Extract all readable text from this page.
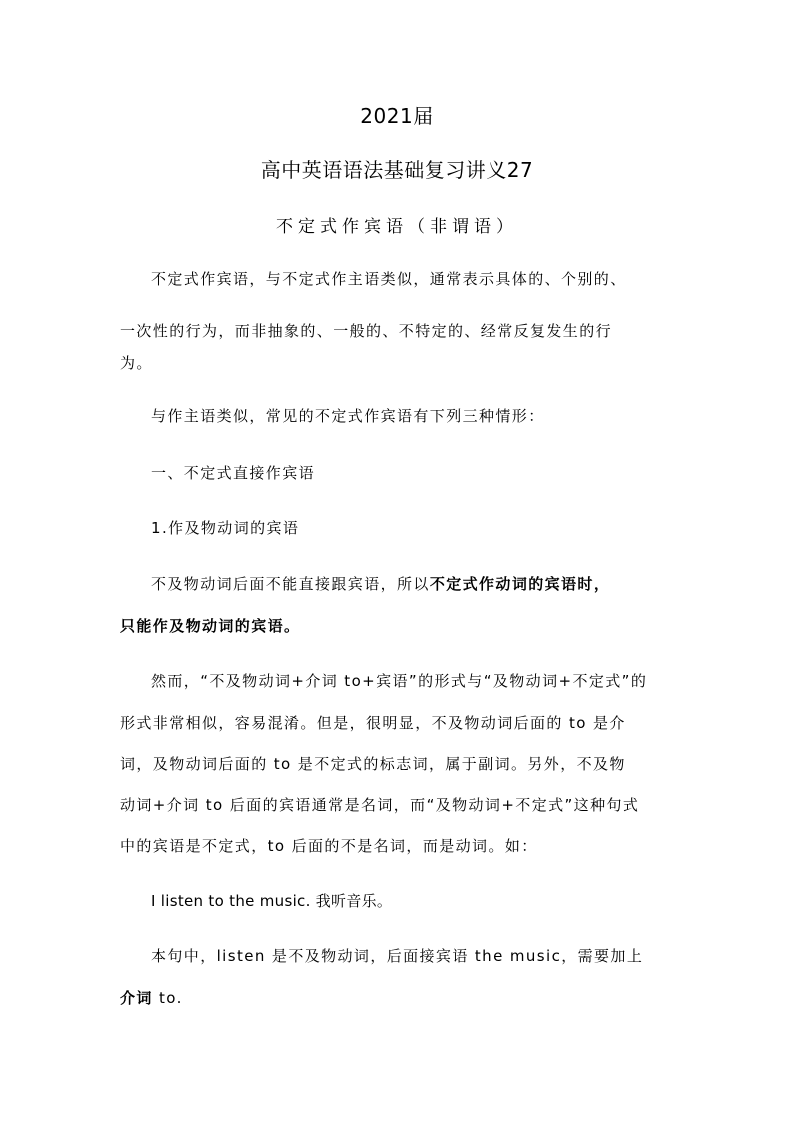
2021届
高中英语语法基础复习讲义27
不定式作宾语（非谓语）
不定式作宾语，与不定式作主语类似，通常表示具体的、个别的、
一次性的行为，而非抽象的、一般的、不特定的、经常反复发生的行
为。
与作主语类似，常见的不定式作宾语有下列三种情形：
一、不定式直接作宾语
1.作及物动词的宾语
不及物动词后面不能直接跟宾语，所以不定式作动词的宾语时，
只能作及物动词的宾语。
然而，“不及物动词+介词 to+宾语”的形式与“及物动词+不定式”的
形式非常相似，容易混淆。但是，很明显，不及物动词后面的 to 是介
词，及物动词后面的 to 是不定式的标志词，属于副词。另外，不及物
动词+介词 to 后面的宾语通常是名词，而“及物动词+不定式”这种句式
中的宾语是不定式，to 后面的不是名词，而是动词。如：
I listen to the music. 我听音乐。
本句中，listen 是不及物动词，后面接宾语 the music，需要加上
介词 to.
